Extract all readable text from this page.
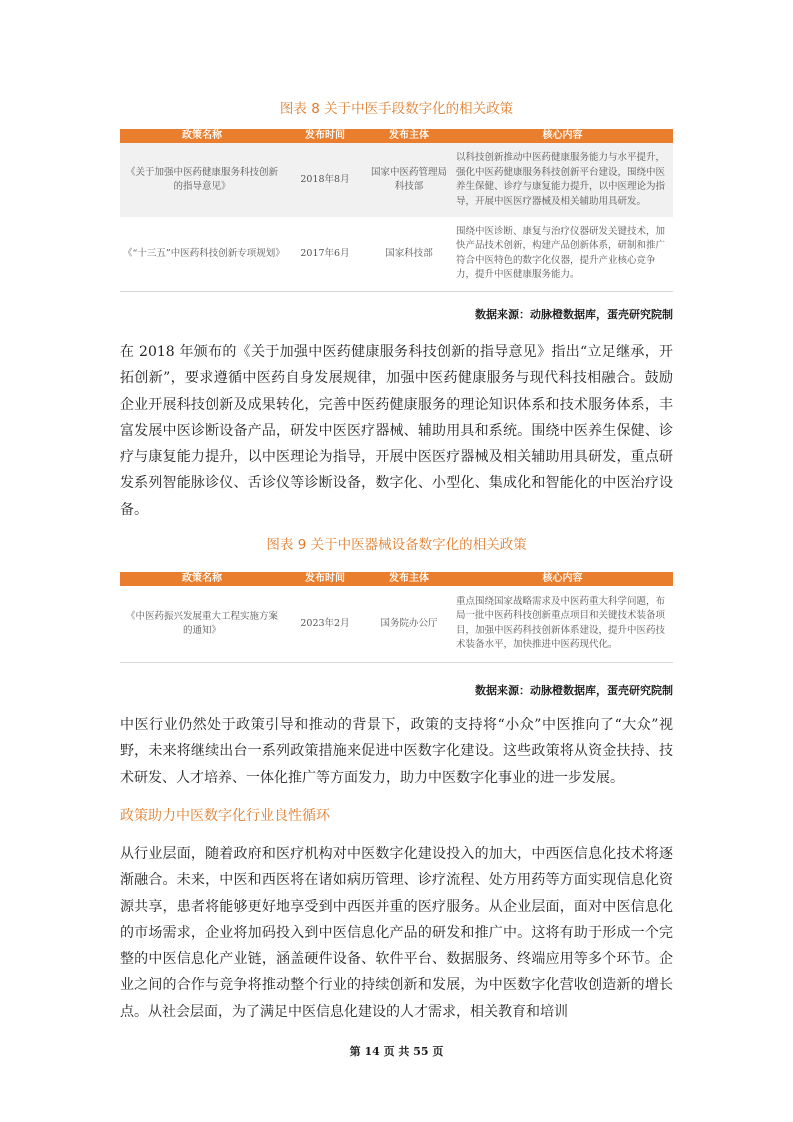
图表 8 关于中医手段数字化的相关政策
政策名称	发布时间	发布主体	核心内容
《关于加强中医药健康服务科技创新的指导意见》	2018年8月	国家中医药管理局科技部	以科技创新推动中医药健康服务能力与水平提升，强化中医药健康服务科技创新平台建设，围绕中医养生保健、诊疗与康复能力提升，以中医理论为指导，开展中医医疗器械及相关辅助用具研发。
《“十三五”中医药科技创新专项规划》	2017年6月	国家科技部	围绕中医诊断、康复与治疗仪器研发关键技术，加快产品技术创新，构建产品创新体系，研制和推广符合中医特色的数字化仪器，提升产业核心竞争力，提升中医健康服务能力。
数据来源：动脉橙数据库，蛋壳研究院制

在 2018 年颁布的《关于加强中医药健康服务科技创新的指导意见》指出“立足继承，开拓创新”，要求遵循中医药自身发展规律，加强中医药健康服务与现代科技相融合。鼓励企业开展科技创新及成果转化，完善中医药健康服务的理论知识体系和技术服务体系，丰富发展中医诊断设备产品，研发中医医疗器械、辅助用具和系统。围绕中医养生保健、诊疗与康复能力提升，以中医理论为指导，开展中医医疗器械及相关辅助用具研发，重点研发系列智能脉诊仪、舌诊仪等诊断设备，数字化、小型化、集成化和智能化的中医治疗设备。

图表 9 关于中医器械设备数字化的相关政策
政策名称	发布时间	发布主体	核心内容
《中医药振兴发展重大工程实施方案的通知》	2023年2月	国务院办公厅	重点围绕国家战略需求及中医药重大科学问题，布局一批中医药科技创新重点项目和关键技术装备项目，加强中医药科技创新体系建设，提升中医药技术装备水平，加快推进中医药现代化。
数据来源：动脉橙数据库，蛋壳研究院制

中医行业仍然处于政策引导和推动的背景下，政策的支持将“小众”中医推向了“大众”视野，未来将继续出台一系列政策措施来促进中医数字化建设。这些政策将从资金扶持、技术研发、人才培养、一体化推广等方面发力，助力中医数字化事业的进一步发展。

政策助力中医数字化行业良性循环

从行业层面，随着政府和医疗机构对中医数字化建设投入的加大，中西医信息化技术将逐渐融合。未来，中医和西医将在诸如病历管理、诊疗流程、处方用药等方面实现信息化资源共享，患者将能够更好地享受到中西医并重的医疗服务。从企业层面，面对中医信息化的市场需求，企业将加码投入到中医信息化产品的研发和推广中。这将有助于形成一个完整的中医信息化产业链，涵盖硬件设备、软件平台、数据服务、终端应用等多个环节。企业之间的合作与竞争将推动整个行业的持续创新和发展，为中医数字化营收创造新的增长点。从社会层面，为了满足中医信息化建设的人才需求，相关教育和培训

第 14 页 共 55 页
